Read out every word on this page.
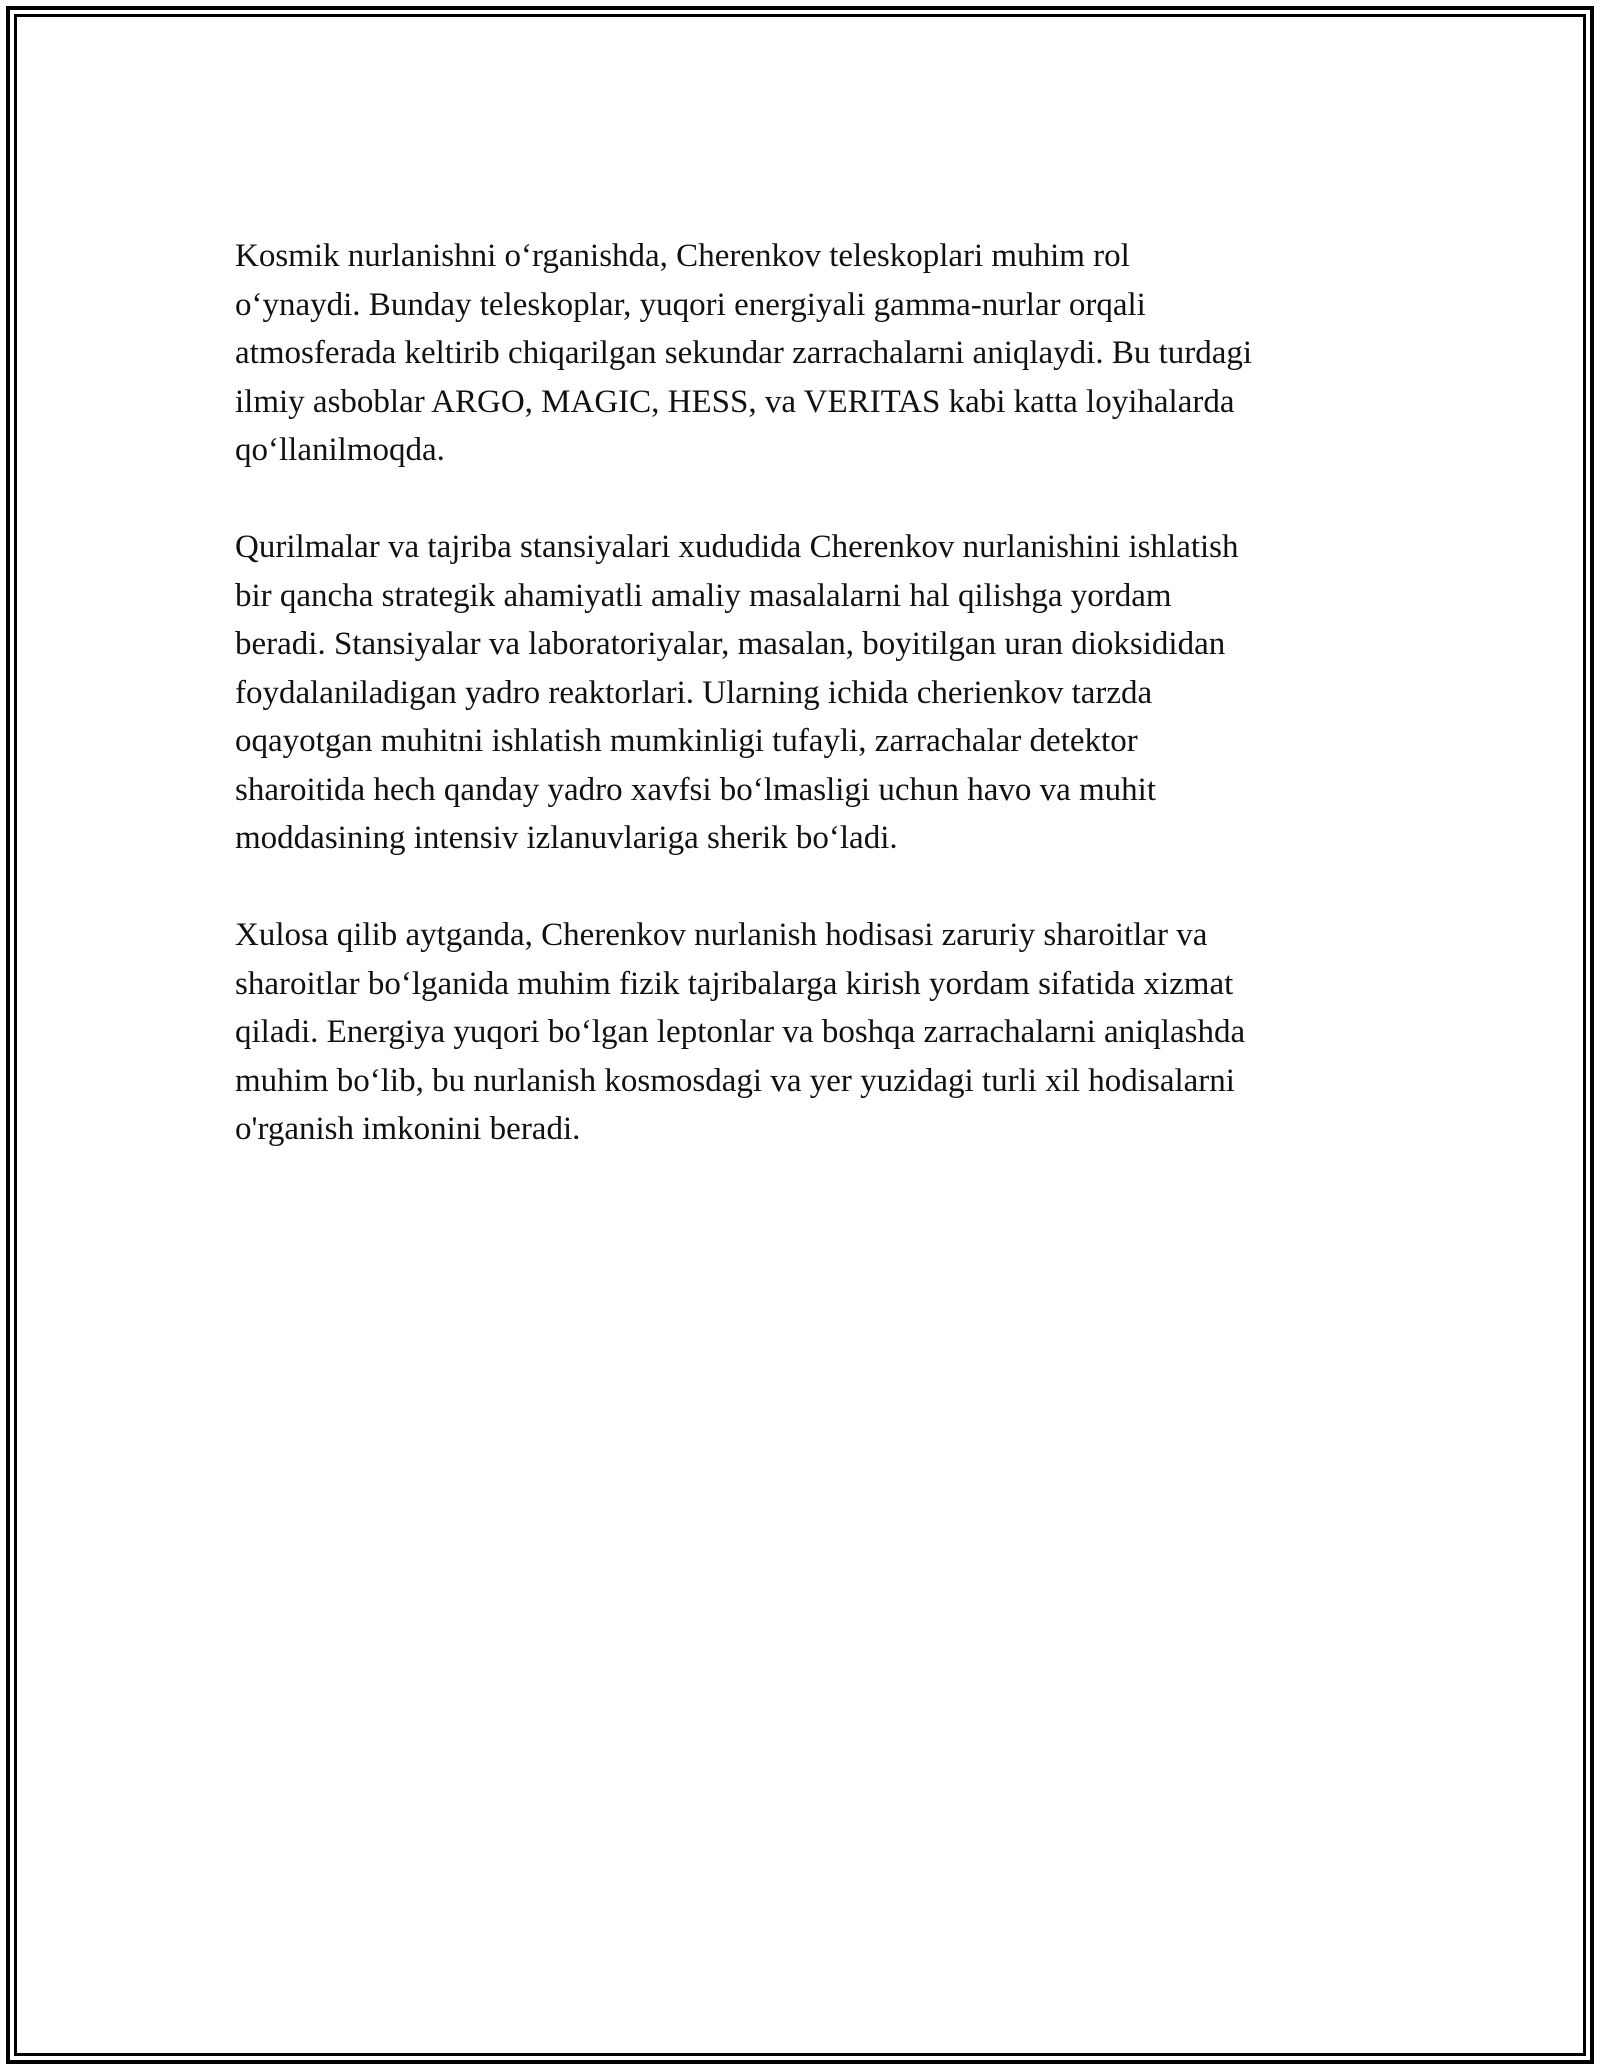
Kosmik nurlanishni o‘rganishda, Cherenkov teleskoplari muhim rol
o‘ynaydi. Bunday teleskoplar, yuqori energiyali gamma-nurlar orqali
atmosferada keltirib chiqarilgan sekundar zarrachalarni aniqlaydi. Bu turdagi
ilmiy asboblar ARGO, MAGIC, HESS, va VERITAS kabi katta loyihalarda
qo‘llanilmoqda.

Qurilmalar va tajriba stansiyalari xududida Cherenkov nurlanishini ishlatish
bir qancha strategik ahamiyatli amaliy masalalarni hal qilishga yordam
beradi. Stansiyalar va laboratoriyalar, masalan, boyitilgan uran dioksididan
foydalaniladigan yadro reaktorlari. Ularning ichida cherienkov tarzda
oqayotgan muhitni ishlatish mumkinligi tufayli, zarrachalar detektor
sharoitida hech qanday yadro xavfsi bo‘lmasligi uchun havo va muhit
moddasining intensiv izlanuvlariga sherik bo‘ladi.

Xulosa qilib aytganda, Cherenkov nurlanish hodisasi zaruriy sharoitlar va
sharoitlar bo‘lganida muhim fizik tajribalarga kirish yordam sifatida xizmat
qiladi. Energiya yuqori bo‘lgan leptonlar va boshqa zarrachalarni aniqlashda
muhim bo‘lib, bu nurlanish kosmosdagi va yer yuzidagi turli xil hodisalarni
o'rganish imkonini beradi.
